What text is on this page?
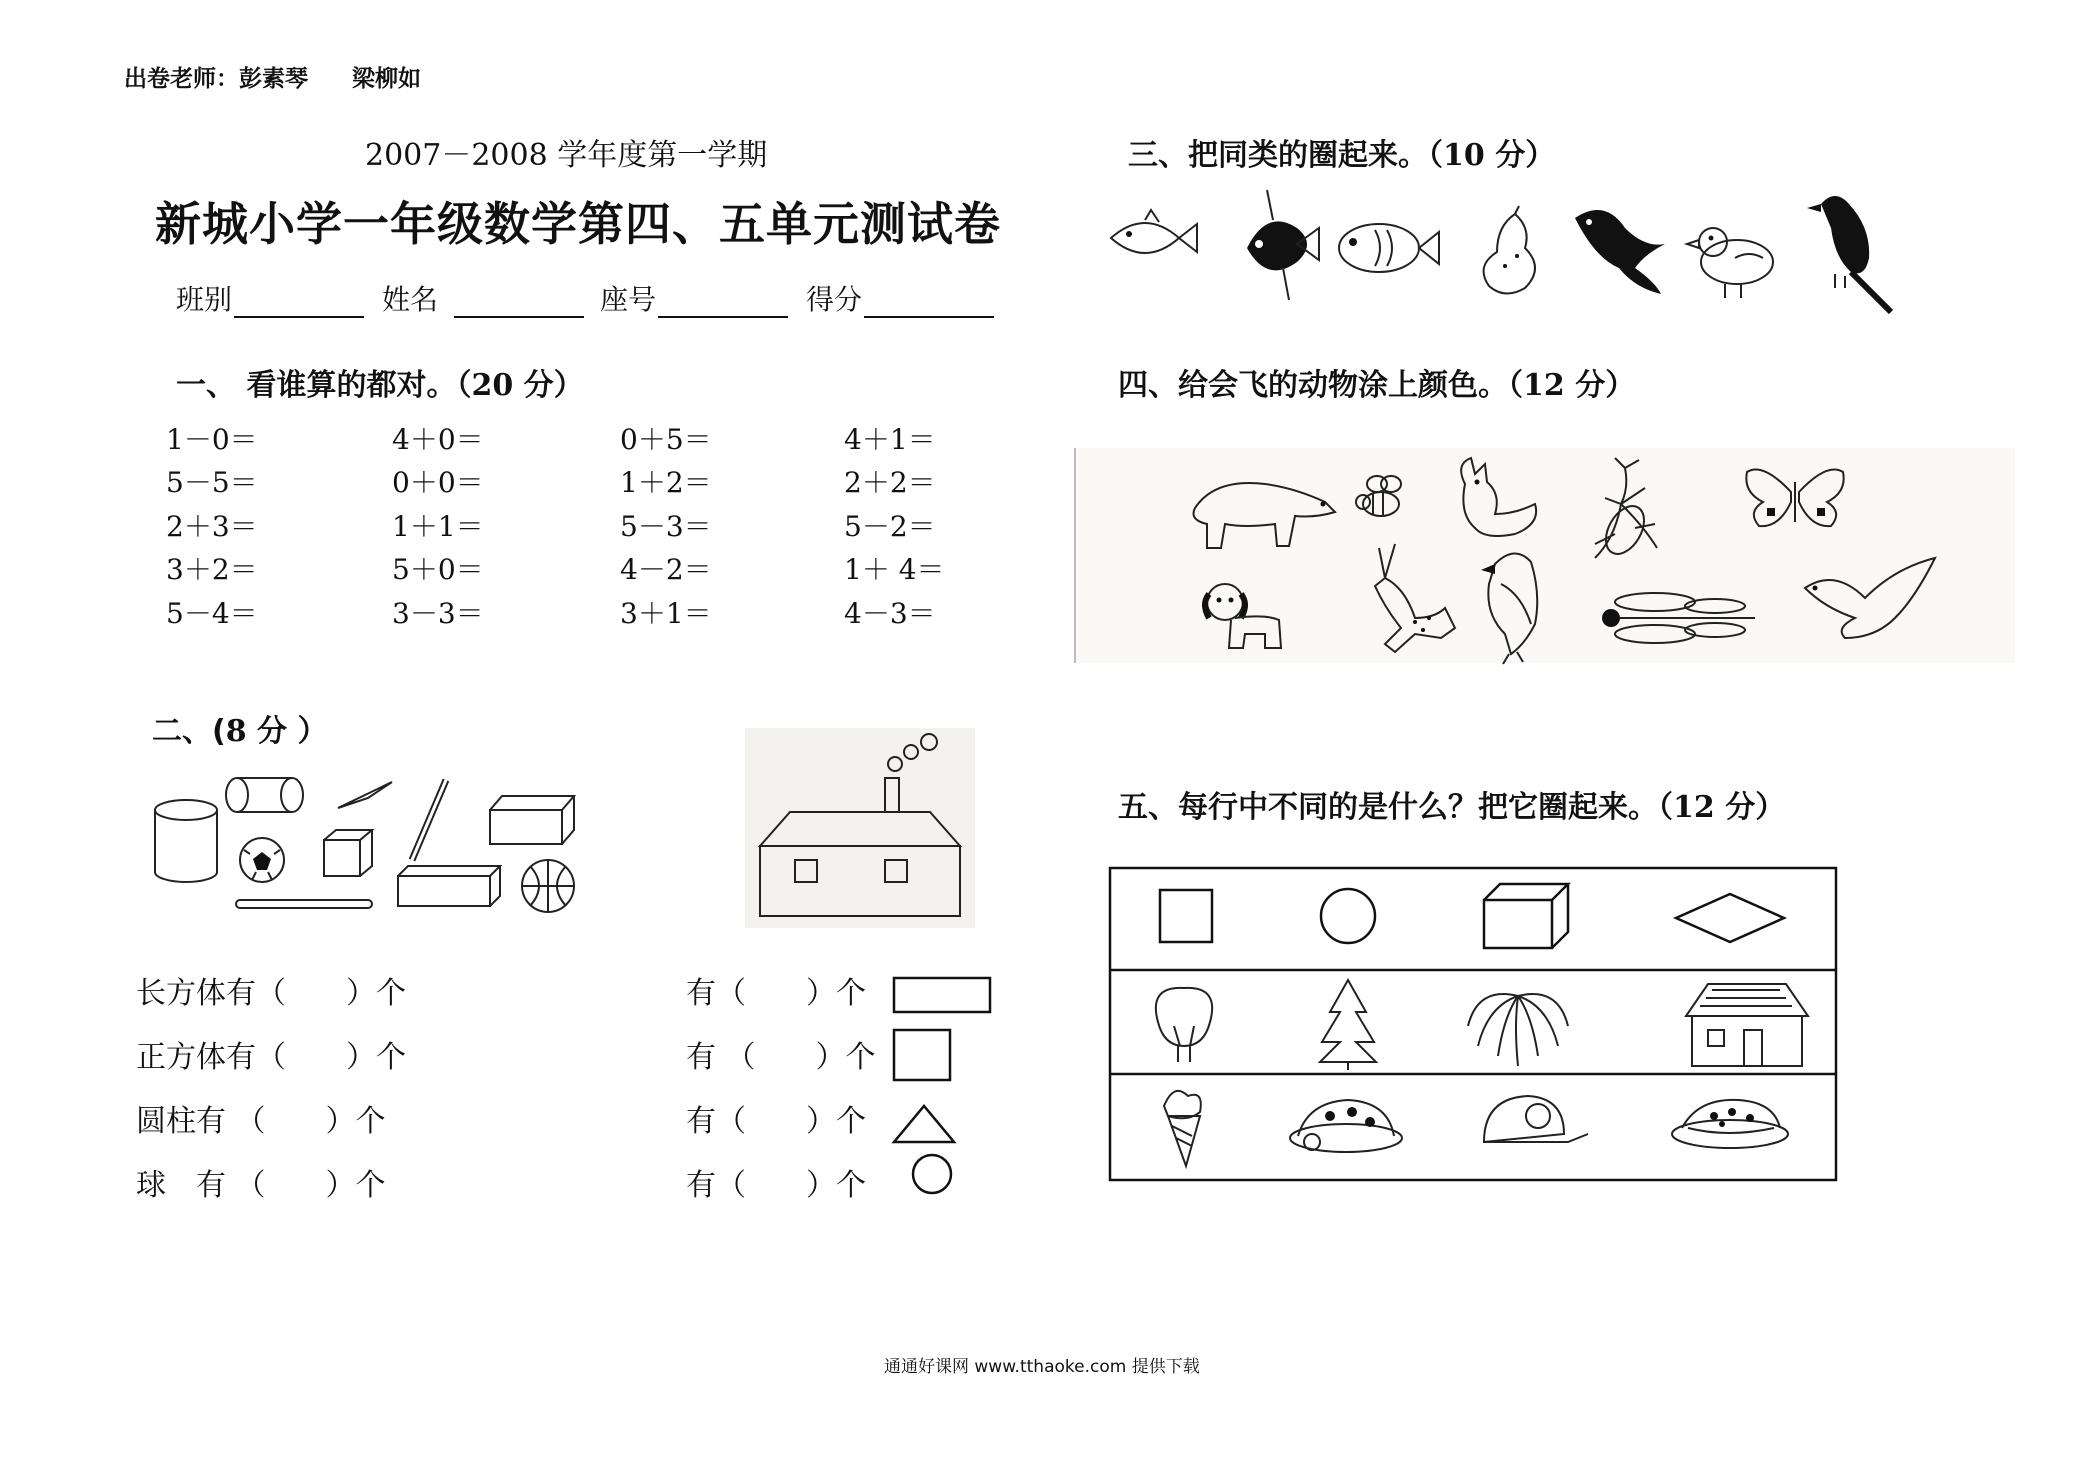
出卷老师：彭素琴 梁柳如
2007－2008 学年度第一学期
新城小学一年级数学第四、五单元测试卷
班别	姓名	座号	得分
一、 看谁算的都对。（20 分）
1－0＝	4＋0＝	0＋5＝	4＋1＝
5－5＝	0＋0＝	1＋2＝	2＋2＝
2＋3＝	1＋1＝	5－3＝	5－2＝
3＋2＝	5＋0＝	4－2＝	1＋ 4＝
5－4＝	3－3＝	3＋1＝	4－3＝
二、(8 分 ）
长方体有（　　）个
正方体有（　　）个
圆柱有 （　　）个
球　有 （　　）个
有（　　）个
有 （　　）个
有（　　）个
有（　　）个
三、把同类的圈起来。（10 分）
四、给会飞的动物涂上颜色。（12 分）
五、每行中不同的是什么？把它圈起来。（12 分）
通通好课网 www.tthaoke.com 提供下载
